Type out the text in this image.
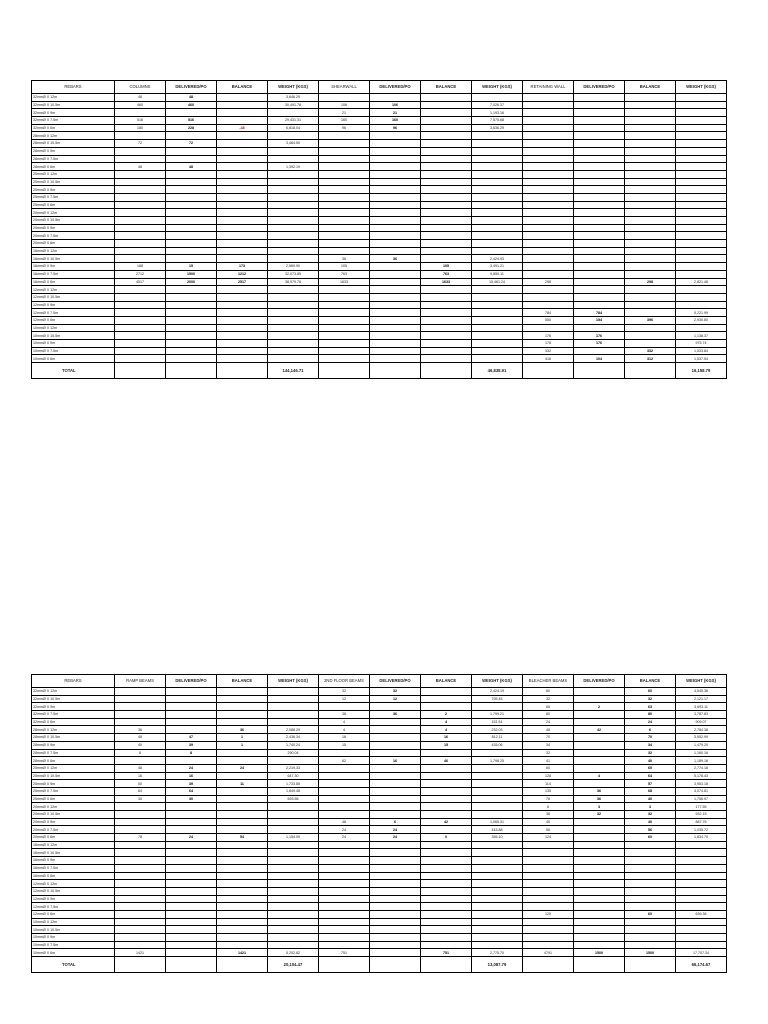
REBARS	COLUMNS	DELIVERED/PO	BALANCE	WEIGHT (KGS)	SHEARWALL	DELIVERED/PO	BALANCE	WEIGHT (KGS)	RETAINING WALL	DELIVERED/PO	BALANCE	WEIGHT (KGS)
32mmØ X 12m	48	48		3,646.29								
32mmØ X 10.5m	460	460		30,491.78	106	106		7,026.37				
32mmØ X 9m					21	21		1,193.16				
32mmØ X 7.5m	516	516		29,431.31	160	160		7,575.68				
32mmØ X 6m	180	228	-48	6,818.04	96	96		3,636.29				
28mmØ X 12m												
28mmØ X 10.5m	72	72		3,464.50								
28mmØ X 9m												
28mmØ X 7.5m												
28mmØ X 6m	48	48		1,392.19								
25mmØ X 12m												
25mmØ X 10.5m												
25mmØ X 9m												
25mmØ X 7.5m												
25mmØ X 6m												
20mmØ X 12m												
20mmØ X 10.5m												
20mmØ X 9m												
20mmØ X 7.5m												
20mmØ X 6m												
16mmØ X 12m												
16mmØ X 10.5m					36	36		2,424.93				
16mmØ X 9m	188	15	173	2,569.90	105		105	3,491.21				
16mmØ X 7.5m	2712	1500	1212	32,073.85	763		763	9,850.11				
16mmØ X 6m	4517	2000	2517	38,979.76	1633		1633	15,461.24	298		298	2,821.46
12mmØ X 12m												
12mmØ X 10.5m												
12mmØ X 9m												
12mmØ X 7.5m									784	784		5,221.99
12mmØ X 6m									550	154	396	2,930.80
10mmØ X 12m												
10mmØ X 10.5m									176	176		1,138.37
10mmØ X 9m									176	176		975.74
10mmØ X 7.5m									332		332	1,533.84
10mmØ X 6m									416	104	312	1,537.54
TOTAL				144,146.71				46,838.91				16,158.79
REBARS	RAMP BEAMS	DELIVERED/PO	BALANCE	WEIGHT (KGS)	2ND FLOOR BEAMS	DELIVERED/PO	BALANCE	WEIGHT (KGS)	BLEACHER BEAMS	DELIVERED/PO	BALANCE	WEIGHT (KGS)
32mmØ X 12m					32	32		2,424.19	60		60	4,545.36
32mmØ X 10.5m					12	12		795.45	32		32	2,121.17
32mmØ X 9m									65	2	63	3,693.11
32mmØ X 7.5m					38	36	2	1,799.21	80		80	3,787.83
32mmØ X 6m					4		4	151.51	24		24	909.07
28mmØ X 12m	36		36	2,088.29	4		4	232.03	48	42	6	2,784.38
28mmØ X 10.5m	48	47	1	2,436.34	16		16	812.11	70		70	3,552.99
28mmØ X 9m	40	39	1	1,740.24	15		15	435.06	34		34	1,479.20
28mmØ X 7.5m	8	8		290.04					32		32	1,160.16
28mmØ X 6m					62	16	46	1,798.25	41		40	1,189.16
25mmØ X 12m	48	24	24	2,219.33					60		60	2,774.16
25mmØ X 10.5m	16	16		647.30					128	4	64	5,178.43
25mmØ X 9m	50	39	11	1,733.85					114		57	3,953.18
25mmØ X 7.5m	64	64		1,849.48					135	36	68	4,074.61
25mmØ X 6m	30	30		693.56					76	36	40	1,756.97
20mmØ X 12m									6	3	3	177.55
20mmØ X 10.5m									36	32	32	932.15
20mmØ X 9m					48	6	42	1,065.31	40		40	887.76
20mmØ X 7.5m					24	24		443.88	56		56	1,035.72
20mmØ X 6m	78	24	54	1,154.09	24	24	0	355.10	124		60	1,834.70
16mmØ X 12m												
16mmØ X 10.5m												
16mmØ X 9m												
16mmØ X 7.5m												
16mmØ X 6m												
12mmØ X 12m												
12mmØ X 10.5m												
12mmØ X 9m												
12mmØ X 7.5m												
12mmØ X 6m									120		60	639.36
10mmØ X 12m												
10mmØ X 10.5m												
10mmØ X 9m												
10mmØ X 7.5m												
10mmØ X 6m	1421		1421	5,252.82	751		751	2,775.70	4791	1500	1500	17,707.34
TOTAL				20,104.47				13,087.79				66,174.67
